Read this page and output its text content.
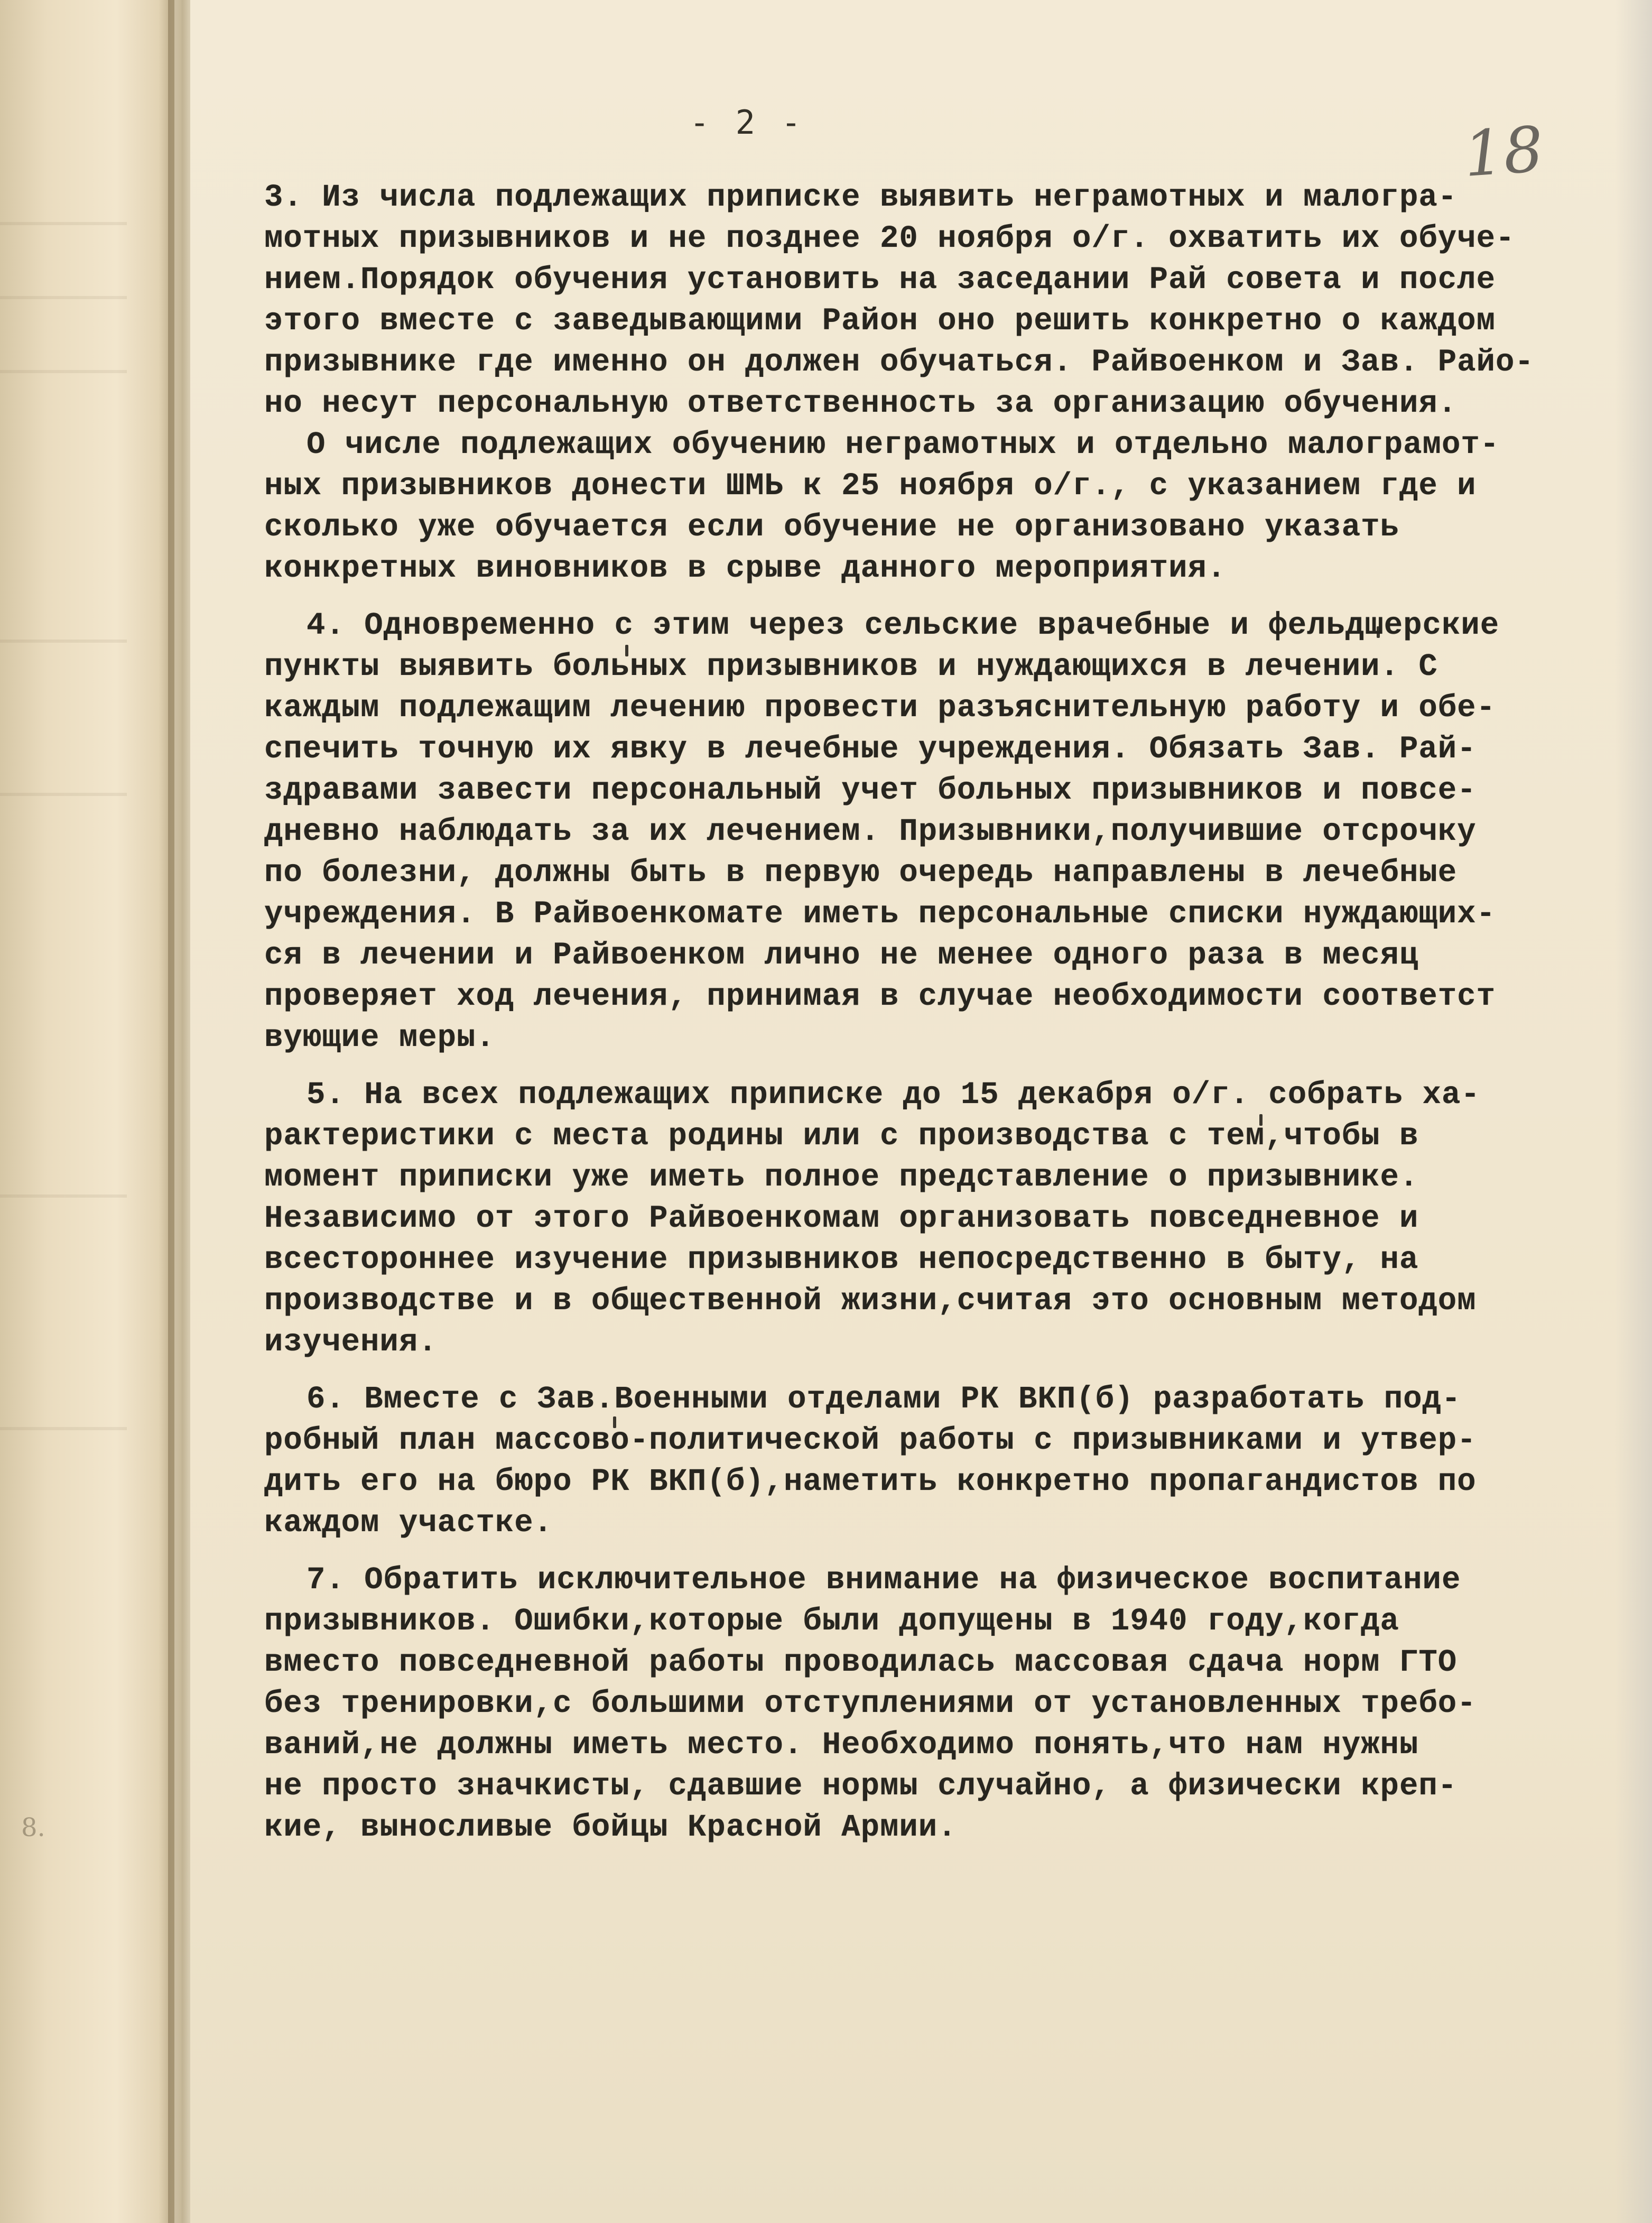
8.
- 2 -	18
3. Из числа подлежащих приписке выявить неграмотных и малогра-
мотных призывников и не позднее 20 ноября о/г. охватить их обуче-
нием.Порядок обучения установить на заседании Рай совета и после
этого вместе с заведывающими Район оно решить конкретно о каждом
призывнике где именно он должен обучаться. Райвоенком и Зав. Райо-
но несут персональную ответственность за организацию обучения.
О числе подлежащих обучению неграмотных и отдельно малогрaмот-
ных призывников донести ШМЬ к 25 ноября о/г., с указанием где и
сколько уже обучается если обучение не организовано указать
конкретных виновников в срыве данного мероприятия.
4. Одновременно с этим через сельские врачебные и фельдшерские
пункты выявить больных призывников и нуждающихся в лечении. С
каждым подлежащим лечению провести разъяснительную работу и обе-
спечить точную их явку в лечебные учреждения. Обязать Зав. Рай-
здравами завести персональный учет больных призывников и повсе-
дневно наблюдать за их лечением. Призывники,получившие отсрочку
по болезни, должны быть в первую очередь направлены в лечебные
учреждения. В Райвоенкомате иметь персональные списки нуждающих-
ся в лечении и Райвоенком лично не менее одного раза в месяц
проверяет ход лечения, принимая в случае необходимости соответст
вующие меры.
5. На всех подлежащих приписке до 15 декабря о/г. собрать ха-
рактеристики с места родины или с производства с тем,чтобы в
момент приписки уже иметь полное представление о призывнике.
Независимо от этого Райвоенкомам организовать повседневное и
всестороннее изучение призывников непосредственно в быту, на
производстве и в общественной жизни,считая это основным методом
изучения.
6. Вместе с Зав.Военными отделами РК ВКП(б) разработать под-
робный план массово-политической работы с призывниками и утвер-
дить его на бюро РК ВКП(б),наметить конкретно пропагандистов по
каждом участке.
7. Обратить исключительное внимание на физическое воспитание
призывников. Ошибки,которые были допущены в 1940 году,когда
вместо повседневной работы проводилась массовая сдача норм ГТО
без тренировки,с большими отступлениями от установленных требо-
ваний,не должны иметь место. Необходимо понять,что нам нужны
не просто значкисты, сдавшие нормы случайно, а физически креп-
кие, выносливые бойцы Красной Армии.
